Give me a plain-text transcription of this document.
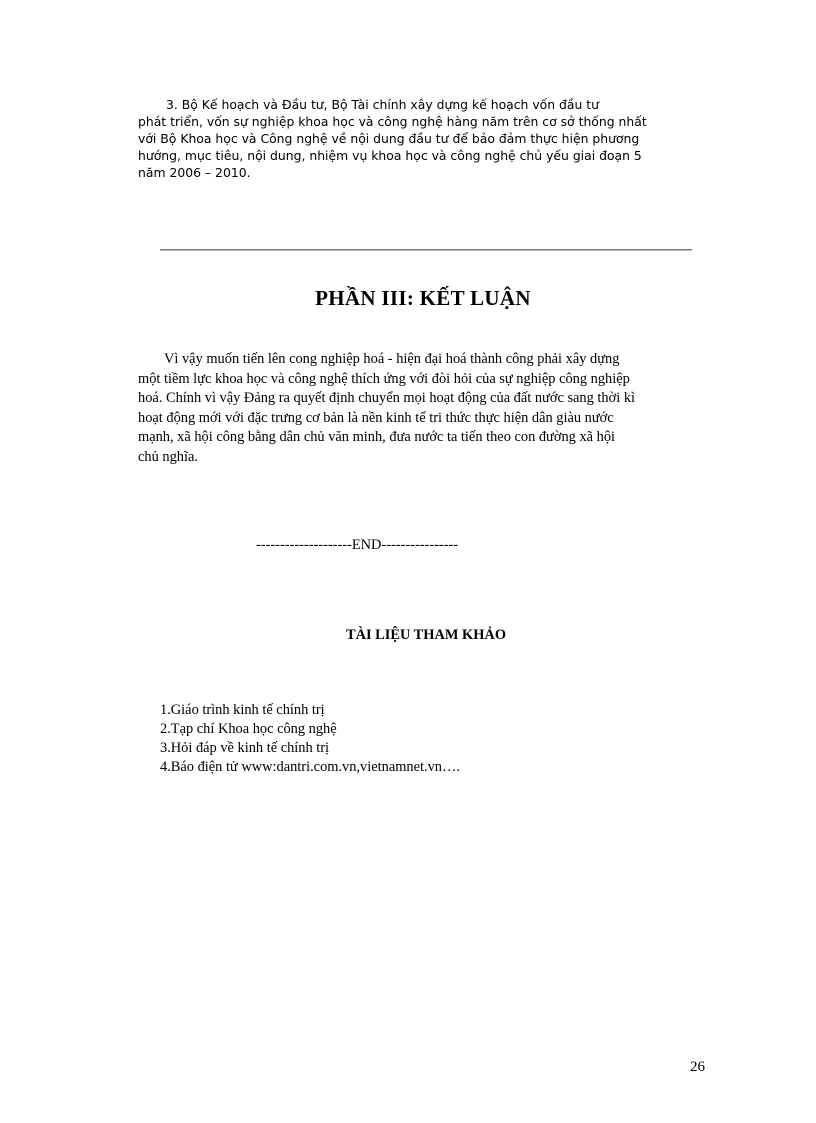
3. Bộ Kế hoạch và Đầu tư, Bộ Tài chính xây dựng kế hoạch vốn đầu tư
phát triển, vốn sự nghiệp khoa học và công nghệ hàng năm trên cơ sở thống nhất
với Bộ Khoa học và Công nghệ về nội dung đầu tư để bảo đảm thực hiện phương
hướng, mục tiêu, nội dung, nhiệm vụ khoa học và công nghệ chủ yếu giai đoạn 5
năm 2006 – 2010.
PHẦN III: KẾT LUẬN
Vì vậy muốn tiến lên cong nghiệp hoá - hiện đại hoá thành công phải xây dựng
một tiềm lực khoa học và công nghệ thích ứng với đòi hỏi của sự nghiệp công nghiệp
hoá. Chính vì vậy Đảng ra quyết định chuyển mọi hoạt động của đất nước sang thời kì
hoạt động mới với đặc trưng cơ bản là nền kinh tế tri thức thực hiện dân giàu nước
mạnh, xã hội công bằng dân chủ văn minh, đưa nước ta tiến theo con đường xã hội
chủ nghĩa.
--------------------END----------------
TÀI LIỆU THAM KHẢO
1.Giáo trình kinh tế chính trị
2.Tạp chí Khoa học công nghệ
3.Hỏi đáp về kinh tế chính trị
4.Báo điện tử www:dantri.com.vn,vietnamnet.vn….
26
